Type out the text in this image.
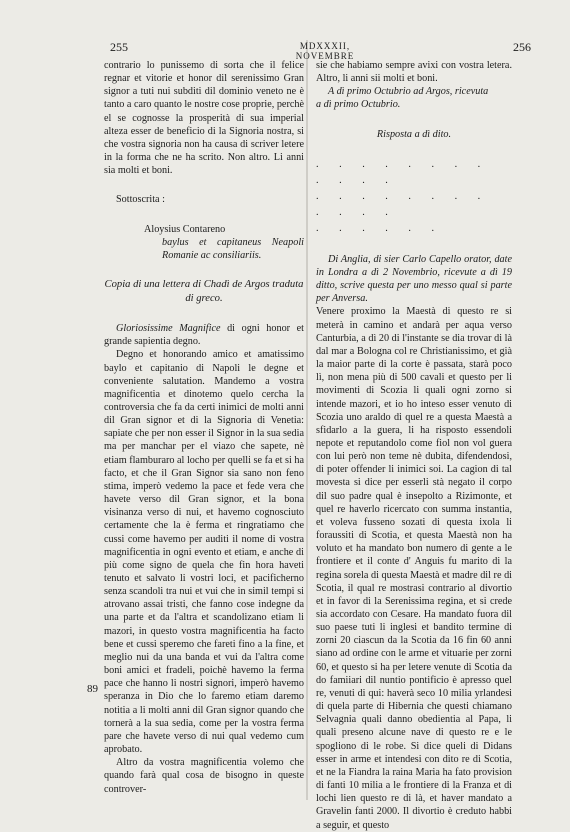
255	MDXXXII, NOVEMBRE
256
89

contrario lo punissemo di sorta che il felice regnar et vitorie et honor dil serenissimo Gran signor a tuti nui subditi dil dominio veneto ne è tanto a caro quanto le nostre cose proprie, perchè el se cognosse la prosperità di sua imperial alteza esser de beneficio di la Signoria nostra, si che vostra signoria non ha causa di scriver letere in la forma che ne ha scrito. Non altro. Li anni sia molti et boni.

Sottoscrita :

Aloysius Contareno

baylus et capitaneus Neapoli Romanie ac consiliariis.

Copia di una lettera di Chadì de Argos traduta di greco.

Gloriosissime Magnifice di ogni honor et grande sapientia degno.

Degno et honorando amico et amatissimo baylo et capitanio di Napoli le degne et conveniente salutation. Mandemo a vostra magnificentia et dinotemo quelo cercha la controversia che fa da certi inimici de molti anni dil Gran signor et di la Signoria di Venetia: sapiate che per non esser il Signor in la sua sedia ma per manchar per el viazo che sapete, nè etiam flamburaro al locho per quelli se fa et si ha facto, et che il Gran Signor sia sano non feno stima, imperò vedemo la pace et fede vera che havete verso dil Gran signor, et la bona visinanza verso di nui, et havemo cognosciuto certamente che la è ferma et ringratiamo che cussi come havemo per auditi il nome di vostra magnificentia in ogni evento et etiam, e anche di più come signo de quela che fin hora haveti tenuto et salvato li vostri loci, et pacificherno senza scandoli tra nui et vui che in simil tempi si atrovano assai tristi, che fanno cose indegne da una parte et da l'altra et scandolizano etiam li mazori, in questo vostra magnificentia ha facto bene et cussi speremo che fareti fino a la fine, et meglio nui da una banda et vui da l'altra come boni amici et fradeli, poichè havemo la ferma pace che hanno li nostri signori, imperò havemo speranza in Dio che lo faremo etiam daremo notitia a li molti anni dil Gran signor quando che tornerà a la sua sedia, come per la vostra ferma pare che havete verso di nui qual vedemo cum aprobato.

Altro da vostra magnificentia volemo che quando farà qual cosa de bisogno in queste controver-

sie che habiamo sempre avixi con vostra letera. Altro, li anni sii molti et boni.

A dì primo Octubrio ad Argos, ricevuta

a dì primo Octubrio.

Risposta a dì dito.

. . . . . . . . . . . .

. . . . . . . . . . . .

. . . . . .

Di Anglia, di sier Carlo Capello orator, date in Londra a dì 2 Novembrio, ricevute a dì 19 ditto, scrive questa per uno messo qual si parte per Anversa.

Venere proximo la Maestà di questo re si meterà in camino et andarà per aqua verso Canturbia, a dì 20 di l'instante se dia trovar di là dal mar a Bologna col re Christianissimo, et già la maior parte di la corte è passata, starà poco lì, non mena più di 500 cavali et questo per li movimenti di Scozia li quali ogni zorno si intende mazori, et io ho inteso esser venuto di Scozia uno araldo di quel re a questa Maestà a sfidarlo a la guera, li ha risposto essendoli nepote et reputandolo come fiol non vol guera con lui però non teme nè dubita, difendendosi, di poter offender li inimici soi. La cagion di tal movesta si dice per esserli stà negato il corpo dil suo padre qual è insepolto a Rizimonte, et quel re haverlo ricercato con summa instantia, et voleva fusseno sozati di questa ixola li foraussiti di Scotia, et questa Maestà non ha voluto et ha mandato bon numero di gente a le frontiere et il conte d' Anguis fu marito di la regina sorela di questa Maestà et madre dil re di Scotia, il qual re mostrasi contrario al divortio et in favor di la Serenissima regina, et si crede sia accordato con Cesare. Ha mandato fuora dil suo paese tuti li inglesi et bandito termine di zorni 20 ciascun da la Scotia da 16 fin 60 anni siano ad ordine con le arme et vituarie per zorni 60, et questo si ha per letere venute di Scotia da do famiiari dil nuntio pontificio è apresso quel re, venuti di qui: haverà seco 10 milia yrlandesi di quela parte di Hibernia che questi chiamano Selvagnia quali danno obedientia al Papa, li quali preseno alcune nave di questo re e le spogliono di le robe. Si dice queli di Didans esser in arme et intendesi con dito re di Scotia, et ne la Fiandra la raina Maria ha fato provision di fanti 10 milia a le frontiere di la Franza et di lochi lien questo re di là, et haver mandato a Gravelin fanti 2000. Il divortio è creduto habbi a seguir, et questo
